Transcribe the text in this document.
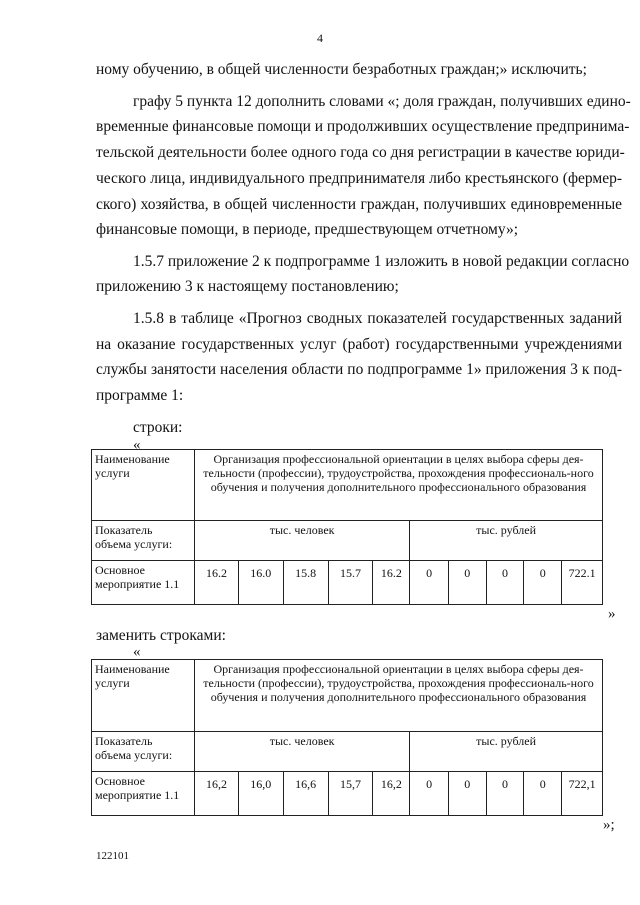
4
ному обучению, в общей численности безработных граждан;» исключить;
графу 5 пункта 12 дополнить словами «; доля граждан, получивших едино-
временные финансовые помощи и продолживших осуществление предпринима-
тельской деятельности более одного года со дня регистрации в качестве юриди-
ческого лица, индивидуального предпринимателя либо крестьянского (фермер-
ского) хозяйства, в общей численности граждан, получивших единовременные
финансовые помощи, в периоде, предшествующем отчетному»;
1.5.7 приложение 2 к подпрограмме 1 изложить в новой редакции согласно
приложению 3 к настоящему постановлению;
1.5.8 в таблице «Прогноз сводных показателей государственных заданий
на оказание государственных услуг (работ) государственными учреждениями
службы занятости населения области по подпрограмме 1» приложения 3 к под-
программе 1:
строки:
«
Наименование услуги	Организация профессиональной ориентации в целях выбора сферы дея-тельности (профессии), трудоустройства, прохождения профессиональ-ного обучения и получения дополнительного профессионального образования									
Показатель объема услуги:	тыс. человек					тыс. рублей				
Основное мероприятие 1.1	16.2	16.0	15.8	15.7	16.2	0	0	0	0	722.1
»
заменить строками:
«
Наименование услуги	Организация профессиональной ориентации в целях выбора сферы дея-тельности (профессии), трудоустройства, прохождения профессиональ-ного обучения и получения дополнительного профессионального образования									
Показатель объема услуги:	тыс. человек					тыс. рублей				
Основное мероприятие 1.1	16,2	16,0	16,6	15,7	16,2	0	0	0	0	722,1
»;
122101
